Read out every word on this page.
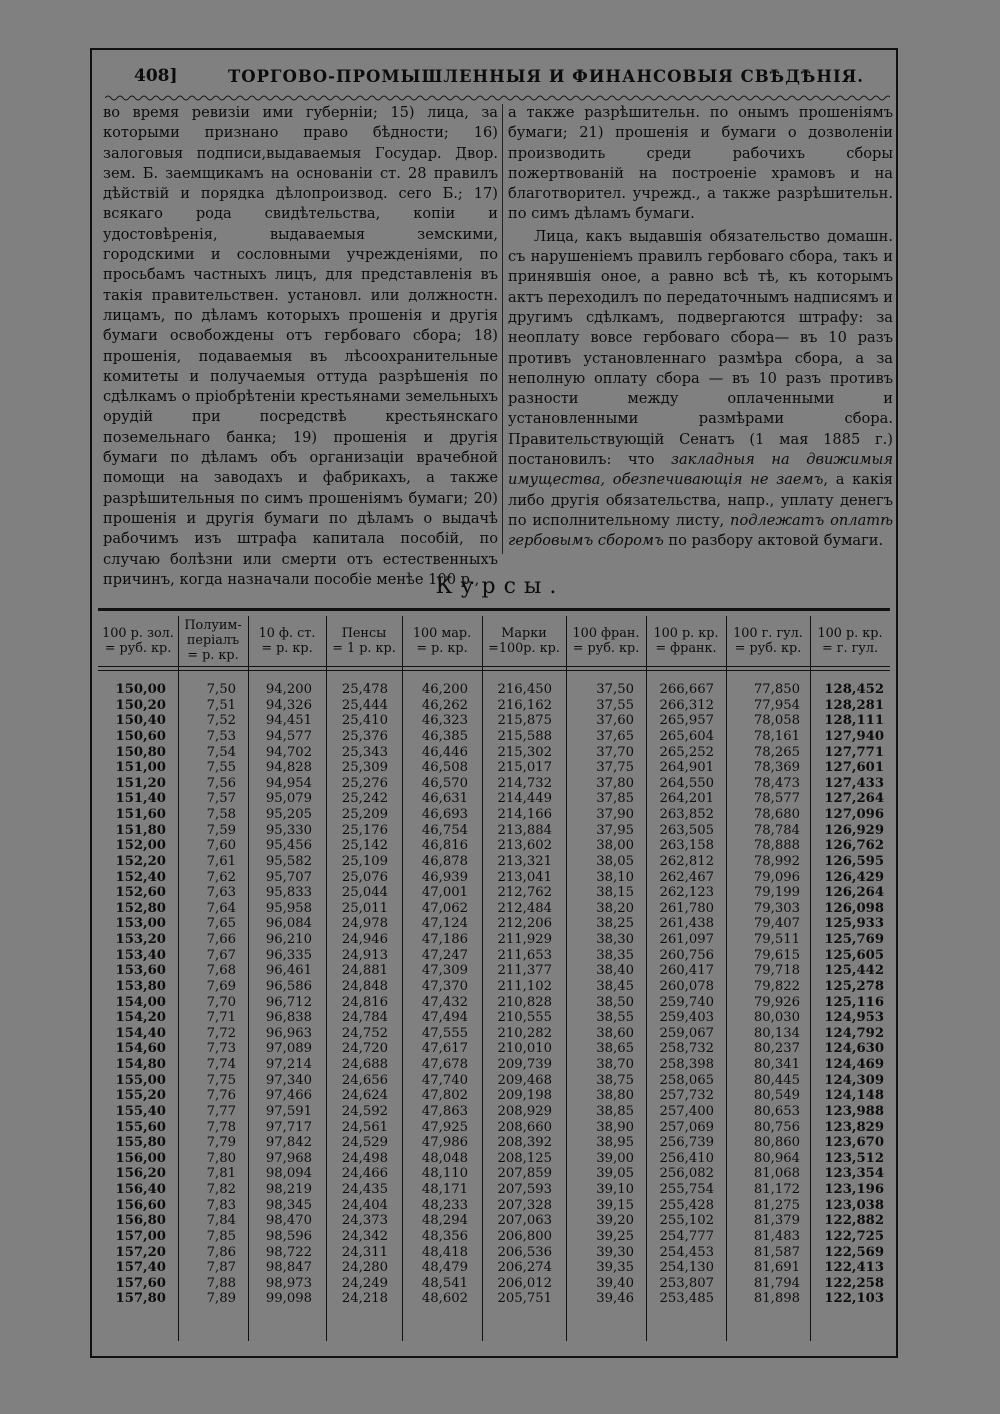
408]	ТОРГОВО-ПРОМЫШЛЕННЫЯ И ФИНАНСОВЫЯ СВѢДѢНІЯ.

во время ревизіи ими губерніи; 15) лица, за которыми признано право бѣдности; 16) залоговыя подписи,выдаваемыя Государ. Двор. зем. Б. заемщикамъ на основаніи ст. 28 правилъ дѣйствій и порядка дѣлопроизвод. сего Б.; 17) всякаго рода свидѣтельства, копіи и удостовѣренія, выдаваемыя земскими, городскими и сословными учрежденіями, по просьбамъ частныхъ лицъ, для представленія въ такія правительствен. установл. или должностн. лицамъ, по дѣламъ которыхъ прошенія и другія бумаги освобождены отъ гербоваго сбора; 18) прошенія, подаваемыя въ лѣсоохранительные комитеты и получаемыя оттуда разрѣшенія по сдѣлкамъ о пріобрѣтеніи крестьянами земельныхъ орудій при посредствѣ крестьянскаго поземельнаго банка; 19) прошенія и другія бумаги по дѣламъ объ организаціи врачебной помощи на заводахъ и фабрикахъ, а также разрѣшительныя по симъ прошеніямъ бумаги; 20) прошенія и другія бумаги по дѣламъ о выдачѣ рабочимъ изъ штрафа капитала пособій, по случаю болѣзни или смерти отъ естественныхъ причинъ, когда назначали пособіе менѣе 100 р.,

а также разрѣшительн. по онымъ прошеніямъ бумаги; 21) прошенія и бумаги о дозволеніи производить среди рабочихъ сборы пожертвованій на построеніе храмовъ и на благотворител. учрежд., а также разрѣшительн. по симъ дѣламъ бумаги.

Лица, какъ выдавшія обязательство домашн. съ нарушеніемъ правилъ гербоваго сбора, такъ и принявшія оное, а равно всѣ тѣ, къ которымъ актъ переходилъ по передаточнымъ надписямъ и другимъ сдѣлкамъ, подвергаются штрафу: за неоплату вовсе гербоваго сбора— въ 10 разъ противъ установленнаго размѣра сбора, а за неполную оплату сбора — въ 10 разъ противъ разности между оплаченными и установленными размѣрами сбора. Правительствующій Сенатъ (1 мая 1885 г.) постановилъ: что закладныя на движимыя имущества, обезпечивающія не заемъ, а какія либо другія обязательства, напр., уплату денегъ по исполнительному листу, подлежатъ оплатѣ гербовымъ сборомъ по разбору актовой бумаги.

Курсы.
100 р. зол.
= руб. кр.
Полуим-
періалъ
= р. кр.
10 ф. ст.
= р. кр.
Пенсы
= 1 р. кр.
100 мар.
= р. кр.
Марки
=100р. кр.
100 фран.
= руб. кр.
100 р. кр.
= франк.
100 г. гул.
= руб. кр.
100 р. кр.
= г. гул.
150,00
150,20
150,40
150,60
150,80
151,00
151,20
151,40
151,60
151,80
152,00
152,20
152,40
152,60
152,80
153,00
153,20
153,40
153,60
153,80
154,00
154,20
154,40
154,60
154,80
155,00
155,20
155,40
155,60
155,80
156,00
156,20
156,40
156,60
156,80
157,00
157,20
157,40
157,60
157,80
7,50
7,51
7,52
7,53
7,54
7,55
7,56
7,57
7,58
7,59
7,60
7,61
7,62
7,63
7,64
7,65
7,66
7,67
7,68
7,69
7,70
7,71
7,72
7,73
7,74
7,75
7,76
7,77
7,78
7,79
7,80
7,81
7,82
7,83
7,84
7,85
7,86
7,87
7,88
7,89
94,200
94,326
94,451
94,577
94,702
94,828
94,954
95,079
95,205
95,330
95,456
95,582
95,707
95,833
95,958
96,084
96,210
96,335
96,461
96,586
96,712
96,838
96,963
97,089
97,214
97,340
97,466
97,591
97,717
97,842
97,968
98,094
98,219
98,345
98,470
98,596
98,722
98,847
98,973
99,098
25,478
25,444
25,410
25,376
25,343
25,309
25,276
25,242
25,209
25,176
25,142
25,109
25,076
25,044
25,011
24,978
24,946
24,913
24,881
24,848
24,816
24,784
24,752
24,720
24,688
24,656
24,624
24,592
24,561
24,529
24,498
24,466
24,435
24,404
24,373
24,342
24,311
24,280
24,249
24,218
46,200
46,262
46,323
46,385
46,446
46,508
46,570
46,631
46,693
46,754
46,816
46,878
46,939
47,001
47,062
47,124
47,186
47,247
47,309
47,370
47,432
47,494
47,555
47,617
47,678
47,740
47,802
47,863
47,925
47,986
48,048
48,110
48,171
48,233
48,294
48,356
48,418
48,479
48,541
48,602
216,450
216,162
215,875
215,588
215,302
215,017
214,732
214,449
214,166
213,884
213,602
213,321
213,041
212,762
212,484
212,206
211,929
211,653
211,377
211,102
210,828
210,555
210,282
210,010
209,739
209,468
209,198
208,929
208,660
208,392
208,125
207,859
207,593
207,328
207,063
206,800
206,536
206,274
206,012
205,751
37,50
37,55
37,60
37,65
37,70
37,75
37,80
37,85
37,90
37,95
38,00
38,05
38,10
38,15
38,20
38,25
38,30
38,35
38,40
38,45
38,50
38,55
38,60
38,65
38,70
38,75
38,80
38,85
38,90
38,95
39,00
39,05
39,10
39,15
39,20
39,25
39,30
39,35
39,40
39,46
266,667
266,312
265,957
265,604
265,252
264,901
264,550
264,201
263,852
263,505
263,158
262,812
262,467
262,123
261,780
261,438
261,097
260,756
260,417
260,078
259,740
259,403
259,067
258,732
258,398
258,065
257,732
257,400
257,069
256,739
256,410
256,082
255,754
255,428
255,102
254,777
254,453
254,130
253,807
253,485
77,850
77,954
78,058
78,161
78,265
78,369
78,473
78,577
78,680
78,784
78,888
78,992
79,096
79,199
79,303
79,407
79,511
79,615
79,718
79,822
79,926
80,030
80,134
80,237
80,341
80,445
80,549
80,653
80,756
80,860
80,964
81,068
81,172
81,275
81,379
81,483
81,587
81,691
81,794
81,898
128,452
128,281
128,111
127,940
127,771
127,601
127,433
127,264
127,096
126,929
126,762
126,595
126,429
126,264
126,098
125,933
125,769
125,605
125,442
125,278
125,116
124,953
124,792
124,630
124,469
124,309
124,148
123,988
123,829
123,670
123,512
123,354
123,196
123,038
122,882
122,725
122,569
122,413
122,258
122,103
